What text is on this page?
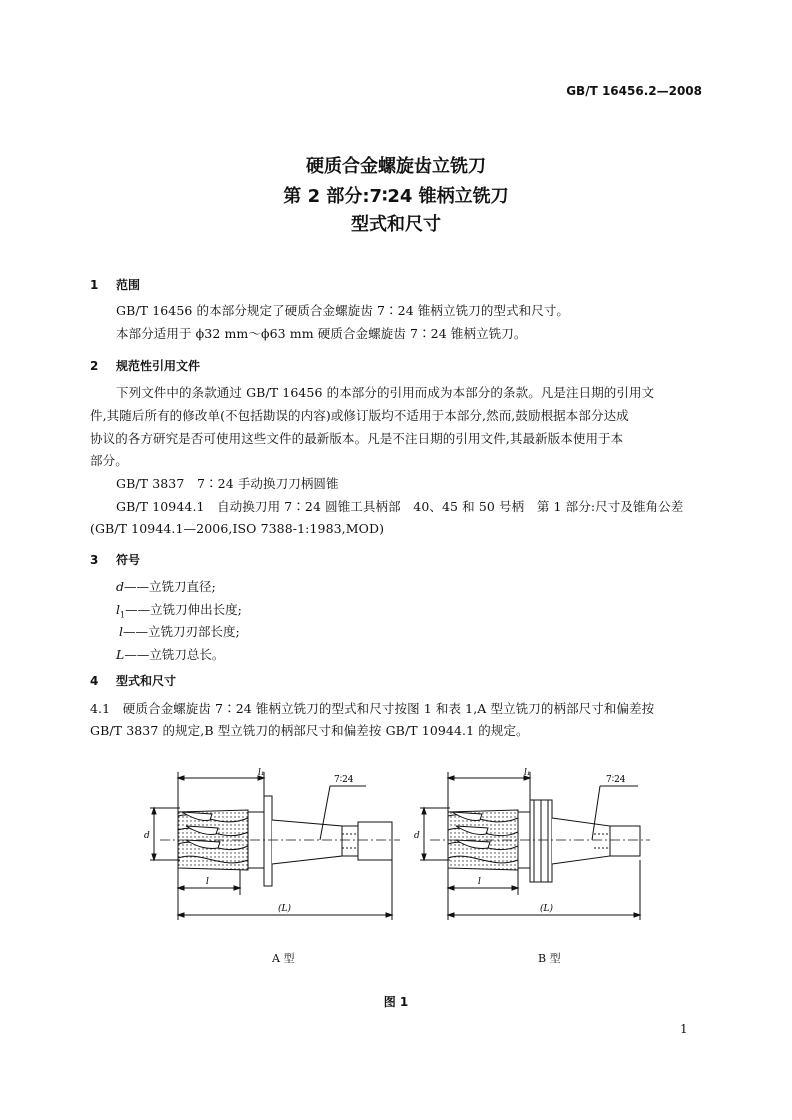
GB/T 16456.2—2008
硬质合金螺旋齿立铣刀
第 2 部分:7∶24 锥柄立铣刀
型式和尺寸
1 范围
GB/T 16456 的本部分规定了硬质合金螺旋齿 7∶24 锥柄立铣刀的型式和尺寸。
本部分适用于 ϕ32 mm～ϕ63 mm 硬质合金螺旋齿 7∶24 锥柄立铣刀。
2 规范性引用文件
下列文件中的条款通过 GB/T 16456 的本部分的引用而成为本部分的条款。凡是注日期的引用文
件,其随后所有的修改单(不包括勘误的内容)或修订版均不适用于本部分,然而,鼓励根据本部分达成
协议的各方研究是否可使用这些文件的最新版本。凡是不注日期的引用文件,其最新版本使用于本
部分。
GB/T 3837　7∶24 手动换刀刀柄圆锥
GB/T 10944.1　自动换刀用 7∶24 圆锥工具柄部　40、45 和 50 号柄　第 1 部分:尺寸及锥角公差
(GB/T 10944.1—2006,ISO 7388-1:1983,MOD)
3 符号
d——立铣刀直径;
$l_1——$立铣刀伸出长度;
l——立铣刀刃部长度;
L——立铣刀总长。
4 型式和尺寸
4.1　硬质合金螺旋齿 7∶24 锥柄立铣刀的型式和尺寸按图 1 和表 1,A 型立铣刀的柄部尺寸和偏差按
GB/T 3837 的规定,B 型立铣刀的柄部尺寸和偏差按 GB/T 10944.1 的规定。
l₁
l
(L)
d
7∶24
l₁
l
(L)
d
7∶24
A 型	B 型
图 1
1
